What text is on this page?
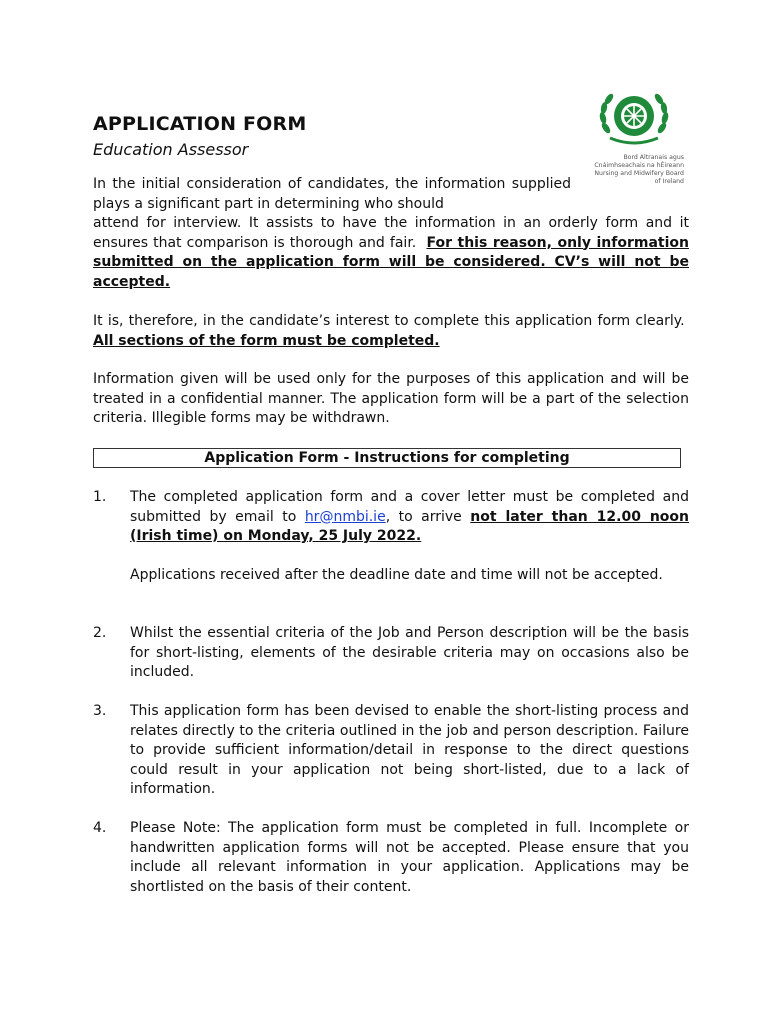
APPLICATION FORM
Education Assessor	Bord Altranais agus
Cnáimhseachais na hÉireann
Nursing and Midwifery Board
of Ireland
In the initial consideration of candidates, the information supplied plays a significant part in determining who should
attend for interview. It assists to have the information in an orderly form and it ensures that comparison is thorough and fair. For this reason, only information submitted on the application form will be considered. CV’s will not be accepted.
It is, therefore, in the candidate’s interest to complete this application form clearly.  All sections of the form must be completed.
Information given will be used only for the purposes of this application and will be treated in a confidential manner. The application form will be a part of the selection criteria. Illegible forms may be withdrawn.
Application Form - Instructions for completing
1. The completed application form and a cover letter must be completed and submitted by email to hr@nmbi.ie, to arrive not later than 12.00 noon (Irish time) on Monday, 25 July 2022.

Applications received after the deadline date and time will not be accepted.

2. Whilst the essential criteria of the Job and Person description will be the basis for short-listing, elements of the desirable criteria may on occasions also be included.
3. This application form has been devised to enable the short-listing process and relates directly to the criteria outlined in the job and person description. Failure to provide sufficient information/detail in response to the direct questions could result in your application not being short-listed, due to a lack of information.
4. Please Note: The application form must be completed in full. Incomplete or handwritten application forms will not be accepted. Please ensure that you include all relevant information in your application. Applications may be shortlisted on the basis of their content.
